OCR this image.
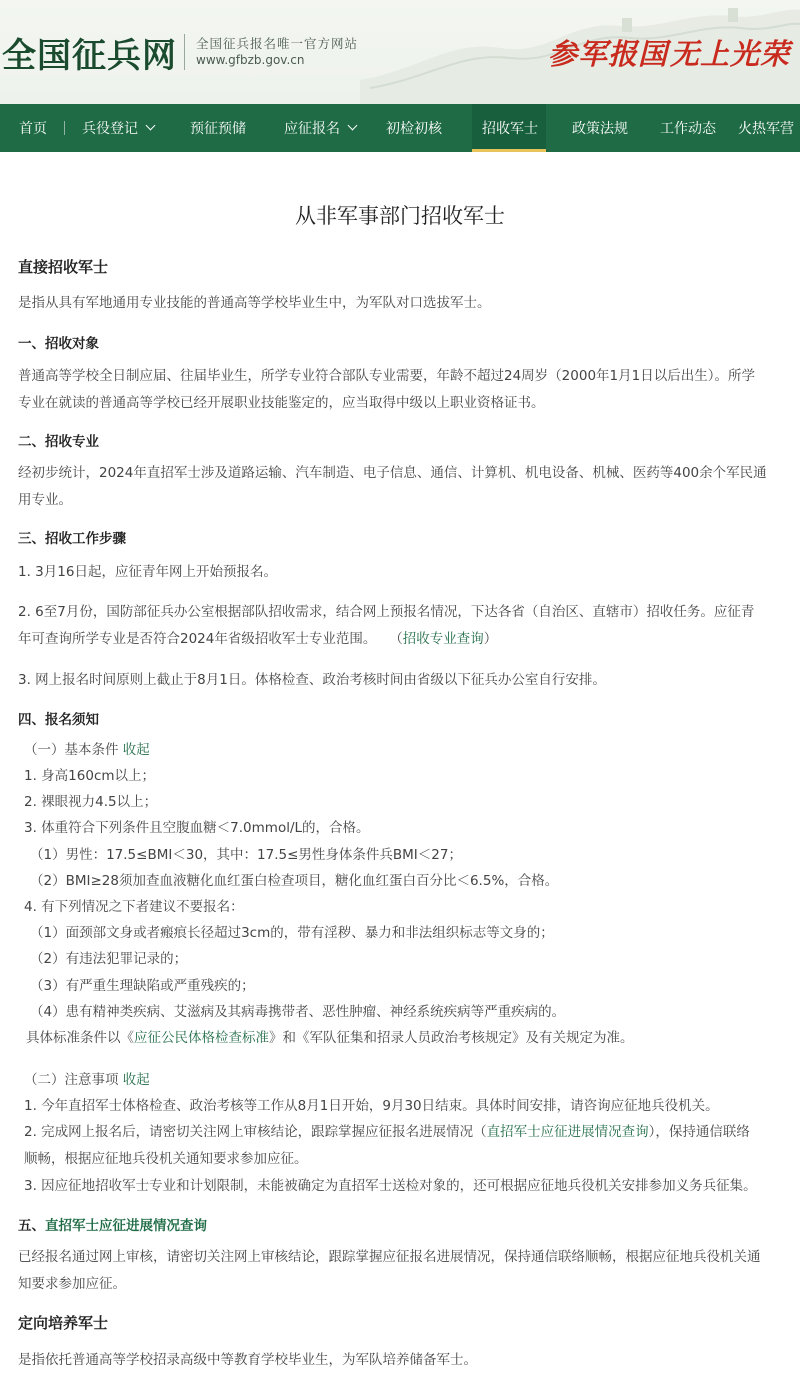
全国征兵网 全国征兵报名唯一官方网站
www.gfbzb.gov.cn	参军报国 无上光荣
首页	兵役登记	预征预储	应征报名	初检初核	招收军士 政策法规 工作动态 火热军营
从非军事部门招收军士
直接招收军士
是指从具有军地通用专业技能的普通高等学校毕业生中，为军队对口选拔军士。
一、招收对象
普通高等学校全日制应届、往届毕业生，所学专业符合部队专业需要，年龄不超过24周岁（2000年1月1日以后出生）。所学
专业在就读的普通高等学校已经开展职业技能鉴定的，应当取得中级以上职业资格证书。
二、招收专业
经初步统计，2024年直招军士涉及道路运输、汽车制造、电子信息、通信、计算机、机电设备、机械、医药等400余个军民通
用专业。
三、招收工作步骤
1. 3月16日起，应征青年网上开始预报名。
2. 6至7月份，国防部征兵办公室根据部队招收需求，结合网上预报名情况，下达各省（自治区、直辖市）招收任务。应征青
年可查询所学专业是否符合2024年省级招收军士专业范围。 （招收专业查询）
3. 网上报名时间原则上截止于8月1日。体格检查、政治考核时间由省级以下征兵办公室自行安排。
四、报名须知
（一）基本条件 收起
1. 身高160cm以上；
2. 裸眼视力4.5以上；
3. 体重符合下列条件且空腹血糖＜7.0mmol/L的，合格。
（1）男性：17.5≤BMI＜30，其中：17.5≤男性身体条件兵BMI＜27；
（2）BMI≥28须加查血液糖化血红蛋白检查项目，糖化血红蛋白百分比＜6.5%，合格。
4. 有下列情况之下者建议不要报名：
（1）面颈部文身或者瘢痕长径超过3cm的，带有淫秽、暴力和非法组织标志等文身的；
（2）有违法犯罪记录的；
（3）有严重生理缺陷或严重残疾的；
（4）患有精神类疾病、艾滋病及其病毒携带者、恶性肿瘤、神经系统疾病等严重疾病的。
具体标准条件以《应征公民体格检查标准》和《军队征集和招录人员政治考核规定》及有关规定为准。
（二）注意事项 收起
1. 今年直招军士体格检查、政治考核等工作从8月1日开始，9月30日结束。具体时间安排，请咨询应征地兵役机关。
2. 完成网上报名后，请密切关注网上审核结论，跟踪掌握应征报名进展情况（直招军士应征进展情况查询），保持通信联络
顺畅，根据应征地兵役机关通知要求参加应征。
3. 因应征地招收军士专业和计划限制，未能被确定为直招军士送检对象的，还可根据应征地兵役机关安排参加义务兵征集。
五、直招军士应征进展情况查询
已经报名通过网上审核，请密切关注网上审核结论，跟踪掌握应征报名进展情况，保持通信联络顺畅，根据应征地兵役机关通
知要求参加应征。
定向培养军士
是指依托普通高等学校招录高级中等教育学校毕业生，为军队培养储备军士。
